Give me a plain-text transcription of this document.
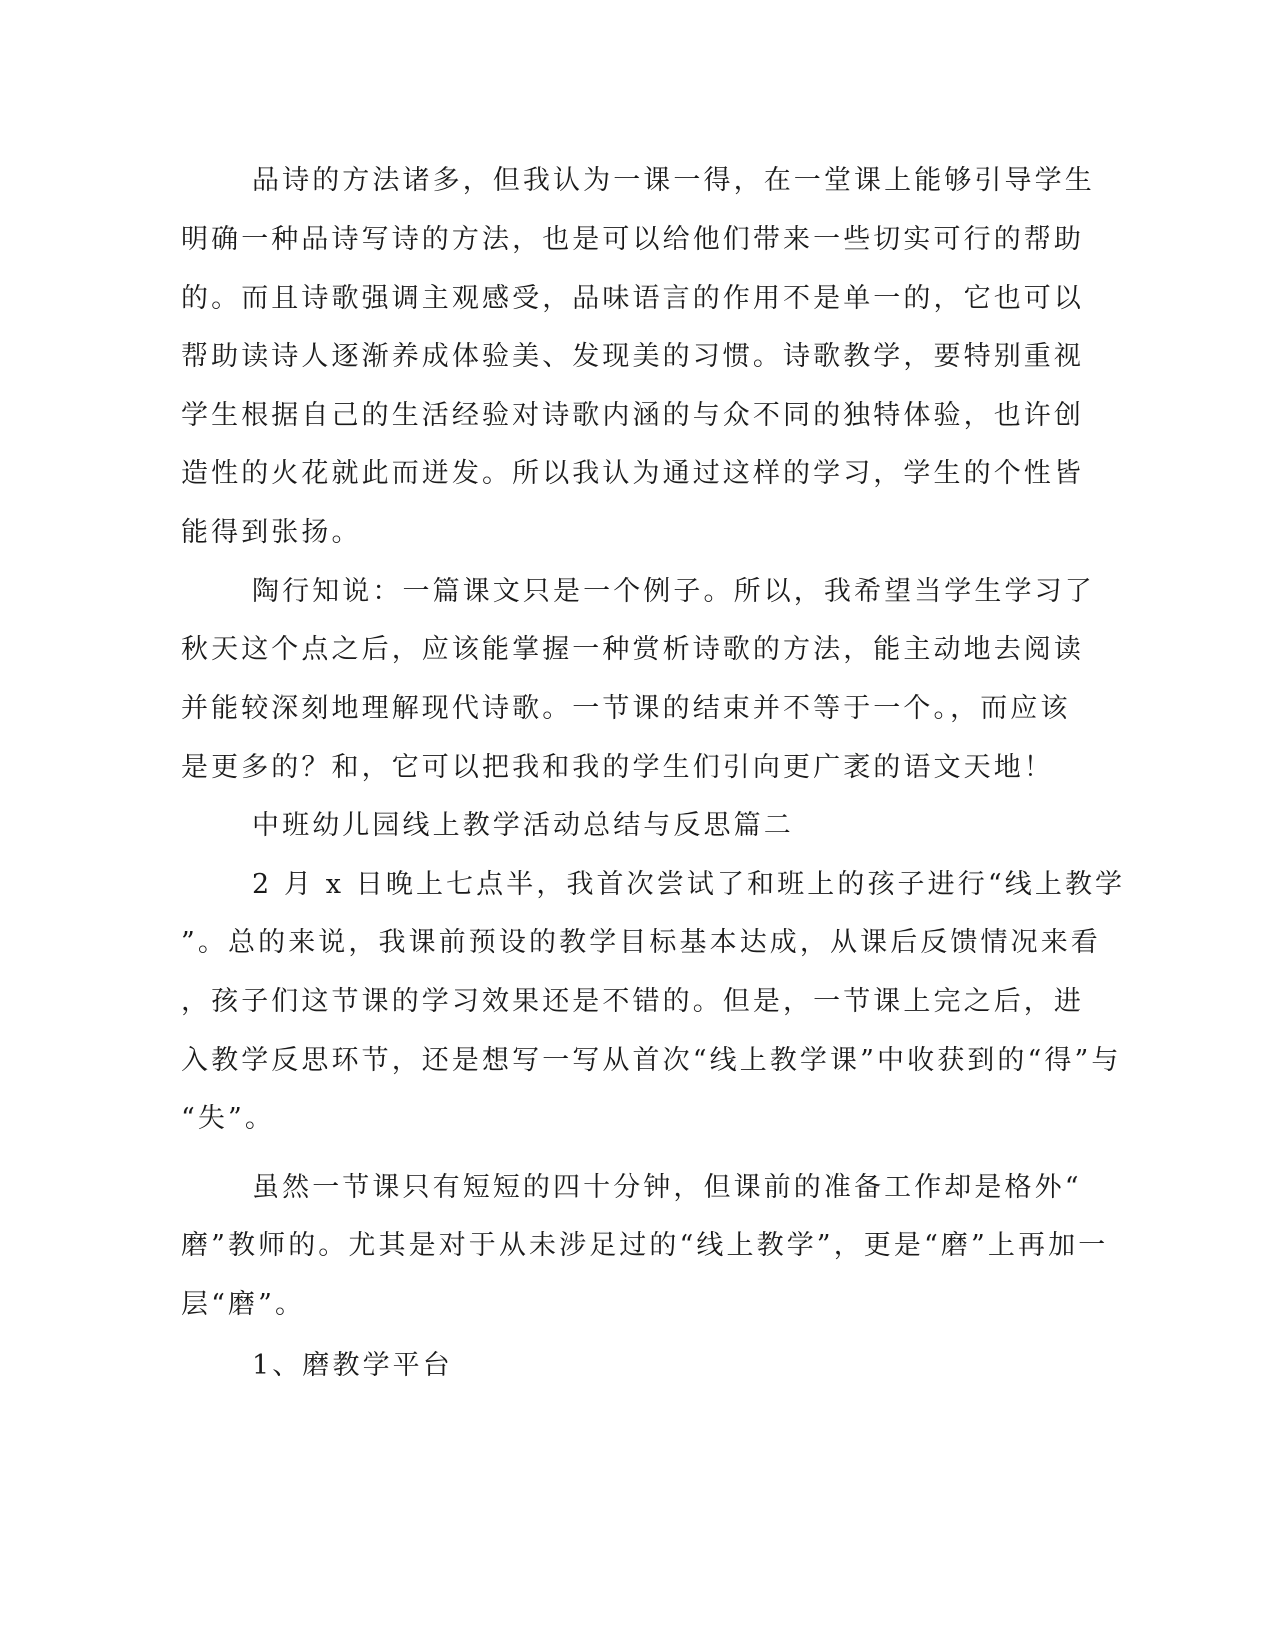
品诗的方法诸多，但我认为一课一得，在一堂课上能够引导学生

明确一种品诗写诗的方法，也是可以给他们带来一些切实可行的帮助

的。而且诗歌强调主观感受，品味语言的作用不是单一的，它也可以

帮助读诗人逐渐养成体验美、发现美的习惯。诗歌教学，要特别重视

学生根据自己的生活经验对诗歌内涵的与众不同的独特体验，也许创

造性的火花就此而迸发。所以我认为通过这样的学习，学生的个性皆

能得到张扬。

陶行知说：一篇课文只是一个例子。所以，我希望当学生学习了

秋天这个点之后，应该能掌握一种赏析诗歌的方法，能主动地去阅读

并能较深刻地理解现代诗歌。一节课的结束并不等于一个。，而应该

是更多的？和，它可以把我和我的学生们引向更广袤的语文天地！

中班幼儿园线上教学活动总结与反思篇二

2 月 x 日晚上七点半，我首次尝试了和班上的孩子进行“线上教学

”。总的来说，我课前预设的教学目标基本达成，从课后反馈情况来看

，孩子们这节课的学习效果还是不错的。但是，一节课上完之后，进

入教学反思环节，还是想写一写从首次“线上教学课”中收获到的“得”与

“失”。

虽然一节课只有短短的四十分钟，但课前的准备工作却是格外“

磨”教师的。尤其是对于从未涉足过的“线上教学”，更是“磨”上再加一

层“磨”。

1、磨教学平台
